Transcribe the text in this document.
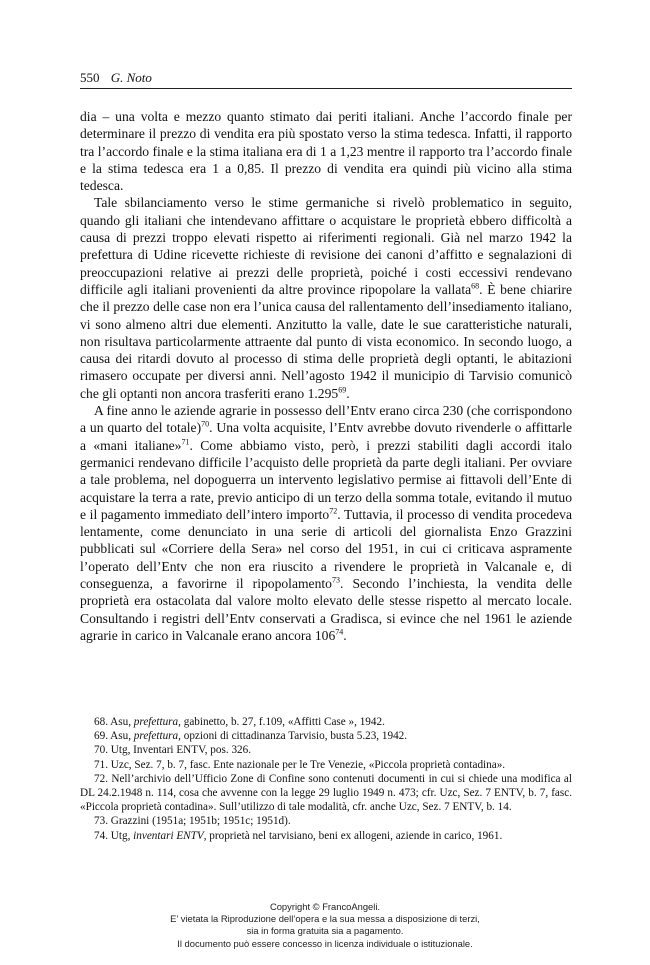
550 G. Noto

dia – una volta e mezzo quanto stimato dai periti italiani. Anche l’accordo finale per determinare il prezzo di vendita era più spostato verso la stima tedesca. Infatti, il rapporto tra l’accordo finale e la stima italiana era di 1 a 1,23 mentre il rapporto tra l’accordo finale e la stima tedesca era 1 a 0,85. Il prezzo di vendita era quindi più vicino alla stima tedesca.

Tale sbilanciamento verso le stime germaniche si rivelò problematico in seguito, quando gli italiani che intendevano affittare o acquistare le proprietà ebbero difficoltà a causa di prezzi troppo elevati rispetto ai riferimenti regionali. Già nel marzo 1942 la prefettura di Udine ricevette richieste di revisione dei canoni d’affitto e segnalazioni di preoccupazioni relative ai prezzi delle proprietà, poiché i costi eccessivi rendevano difficile agli italiani provenienti da altre province ripopolare la vallata$^{68}$. È bene chiarire che il prezzo delle case non era l’unica causa del rallentamento dell’insediamento italiano, vi sono almeno altri due elementi. Anzitutto la valle, date le sue caratteristiche naturali, non risultava particolarmente attraente dal punto di vista economico. In secondo luogo, a causa dei ritardi dovuto al processo di stima delle proprietà degli optanti, le abitazioni rimasero occupate per diversi anni. Nell’agosto 1942 il municipio di Tarvisio comunicò che gli optanti non ancora trasferiti erano 1.295$^{69}$.

A fine anno le aziende agrarie in possesso dell’Entv erano circa 230 (che corrispondono a un quarto del totale)$^{70}$. Una volta acquisite, l’Entv avrebbe dovuto rivenderle o affittarle a «mani italiane»$^{71}$. Come abbiamo visto, però, i prezzi stabiliti dagli accordi italo germanici rendevano difficile l’acquisto delle proprietà da parte degli italiani. Per ovviare a tale problema, nel dopoguerra un intervento legislativo permise ai fittavoli dell’Ente di acquistare la terra a rate, previo anticipo di un terzo della somma totale, evitando il mutuo e il pagamento immediato dell’intero importo$^{72}$. Tuttavia, il processo di vendita procedeva lentamente, come denunciato in una serie di articoli del giornalista Enzo Grazzini pubblicati sul «Corriere della Sera» nel corso del 1951, in cui ci criticava aspramente l’operato dell’Entv che non era riuscito a rivendere le proprietà in Valcanale e, di conseguenza, a favorirne il ripopolamento$^{73}$. Secondo l’inchiesta, la vendita delle proprietà era ostacolata dal valore molto elevato delle stesse rispetto al mercato locale. Consultando i registri dell’Entv conservati a Gradisca, si evince che nel 1961 le aziende agrarie in carico in Valcanale erano ancora $106^{74}$.

68. Asu, prefettura, gabinetto, b. 27, f.109, «Affitti Case », 1942.

69. Asu, prefettura, opzioni di cittadinanza Tarvisio, busta 5.23, 1942.

70. Utg, Inventari ENTV, pos. 326.

71. Uzc, Sez. 7, b. 7, fasc. Ente nazionale per le Tre Venezie, «Piccola proprietà contadina».

72. Nell’archivio dell’Ufficio Zone di Confine sono contenuti documenti in cui si chiede una modifica al DL 24.2.1948 n. 114, cosa che avvenne con la legge 29 luglio 1949 n. 473; cfr. Uzc, Sez. 7 ENTV, b. 7, fasc. «Piccola proprietà contadina». Sull’utilizzo di tale modalità, cfr. anche Uzc, Sez. 7 ENTV, b. 14.

73. Grazzini (1951a; 1951b; 1951c; 1951d).

74. Utg, inventari ENTV, proprietà nel tarvisiano, beni ex allogeni, aziende in carico, 1961.

Copyright © FrancoAngeli.
E’ vietata la Riproduzione dell’opera e la sua messa a disposizione di terzi,
sia in forma gratuita sia a pagamento.
Il documento può essere concesso in licenza individuale o istituzionale.
